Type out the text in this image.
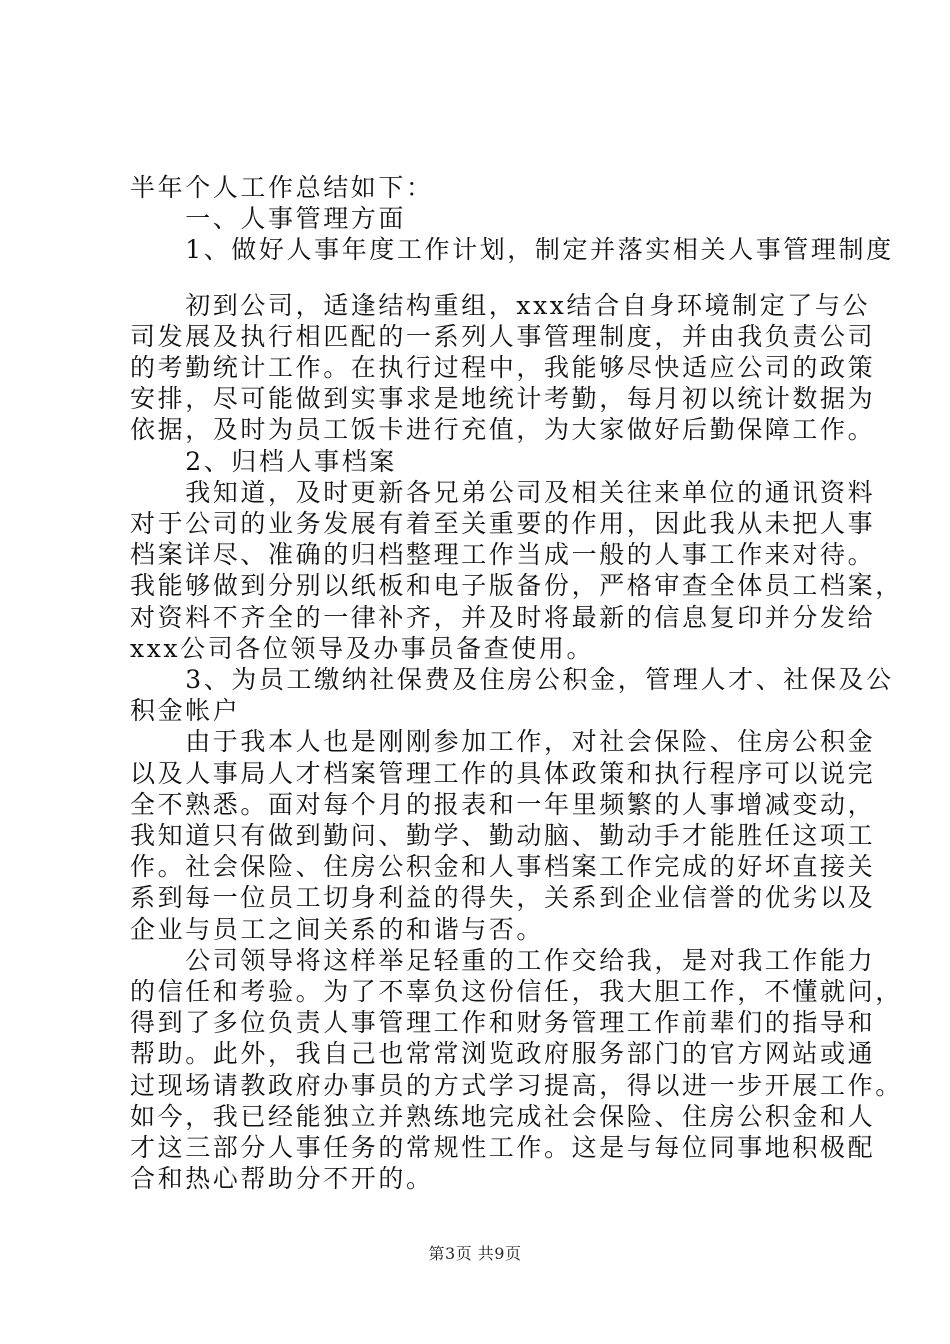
半年个人工作总结如下：
　　一、人事管理方面
　　1、做好人事年度工作计划，制定并落实相关人事管理制度
　　初到公司，适逢结构重组，xxx结合自身环境制定了与公
司发展及执行相匹配的一系列人事管理制度，并由我负责公司
的考勤统计工作。在执行过程中，我能够尽快适应公司的政策
安排，尽可能做到实事求是地统计考勤，每月初以统计数据为
依据，及时为员工饭卡进行充值，为大家做好后勤保障工作。
　　2、归档人事档案
　　我知道，及时更新各兄弟公司及相关往来单位的通讯资料
对于公司的业务发展有着至关重要的作用，因此我从未把人事
档案详尽、准确的归档整理工作当成一般的人事工作来对待。
我能够做到分别以纸板和电子版备份，严格审查全体员工档案，
对资料不齐全的一律补齐，并及时将最新的信息复印并分发给
xxx公司各位领导及办事员备查使用。
　　3、为员工缴纳社保费及住房公积金，管理人才、社保及公
积金帐户
　　由于我本人也是刚刚参加工作，对社会保险、住房公积金
以及人事局人才档案管理工作的具体政策和执行程序可以说完
全不熟悉。面对每个月的报表和一年里频繁的人事增减变动，
我知道只有做到勤问、勤学、勤动脑、勤动手才能胜任这项工
作。社会保险、住房公积金和人事档案工作完成的好坏直接关
系到每一位员工切身利益的得失，关系到企业信誉的优劣以及
企业与员工之间关系的和谐与否。
　　公司领导将这样举足轻重的工作交给我，是对我工作能力
的信任和考验。为了不辜负这份信任，我大胆工作，不懂就问，
得到了多位负责人事管理工作和财务管理工作前辈们的指导和
帮助。此外，我自己也常常浏览政府服务部门的官方网站或通
过现场请教政府办事员的方式学习提高，得以进一步开展工作。
如今，我已经能独立并熟练地完成社会保险、住房公积金和人
才这三部分人事任务的常规性工作。这是与每位同事地积极配
合和热心帮助分不开的。
第3页 共9页
